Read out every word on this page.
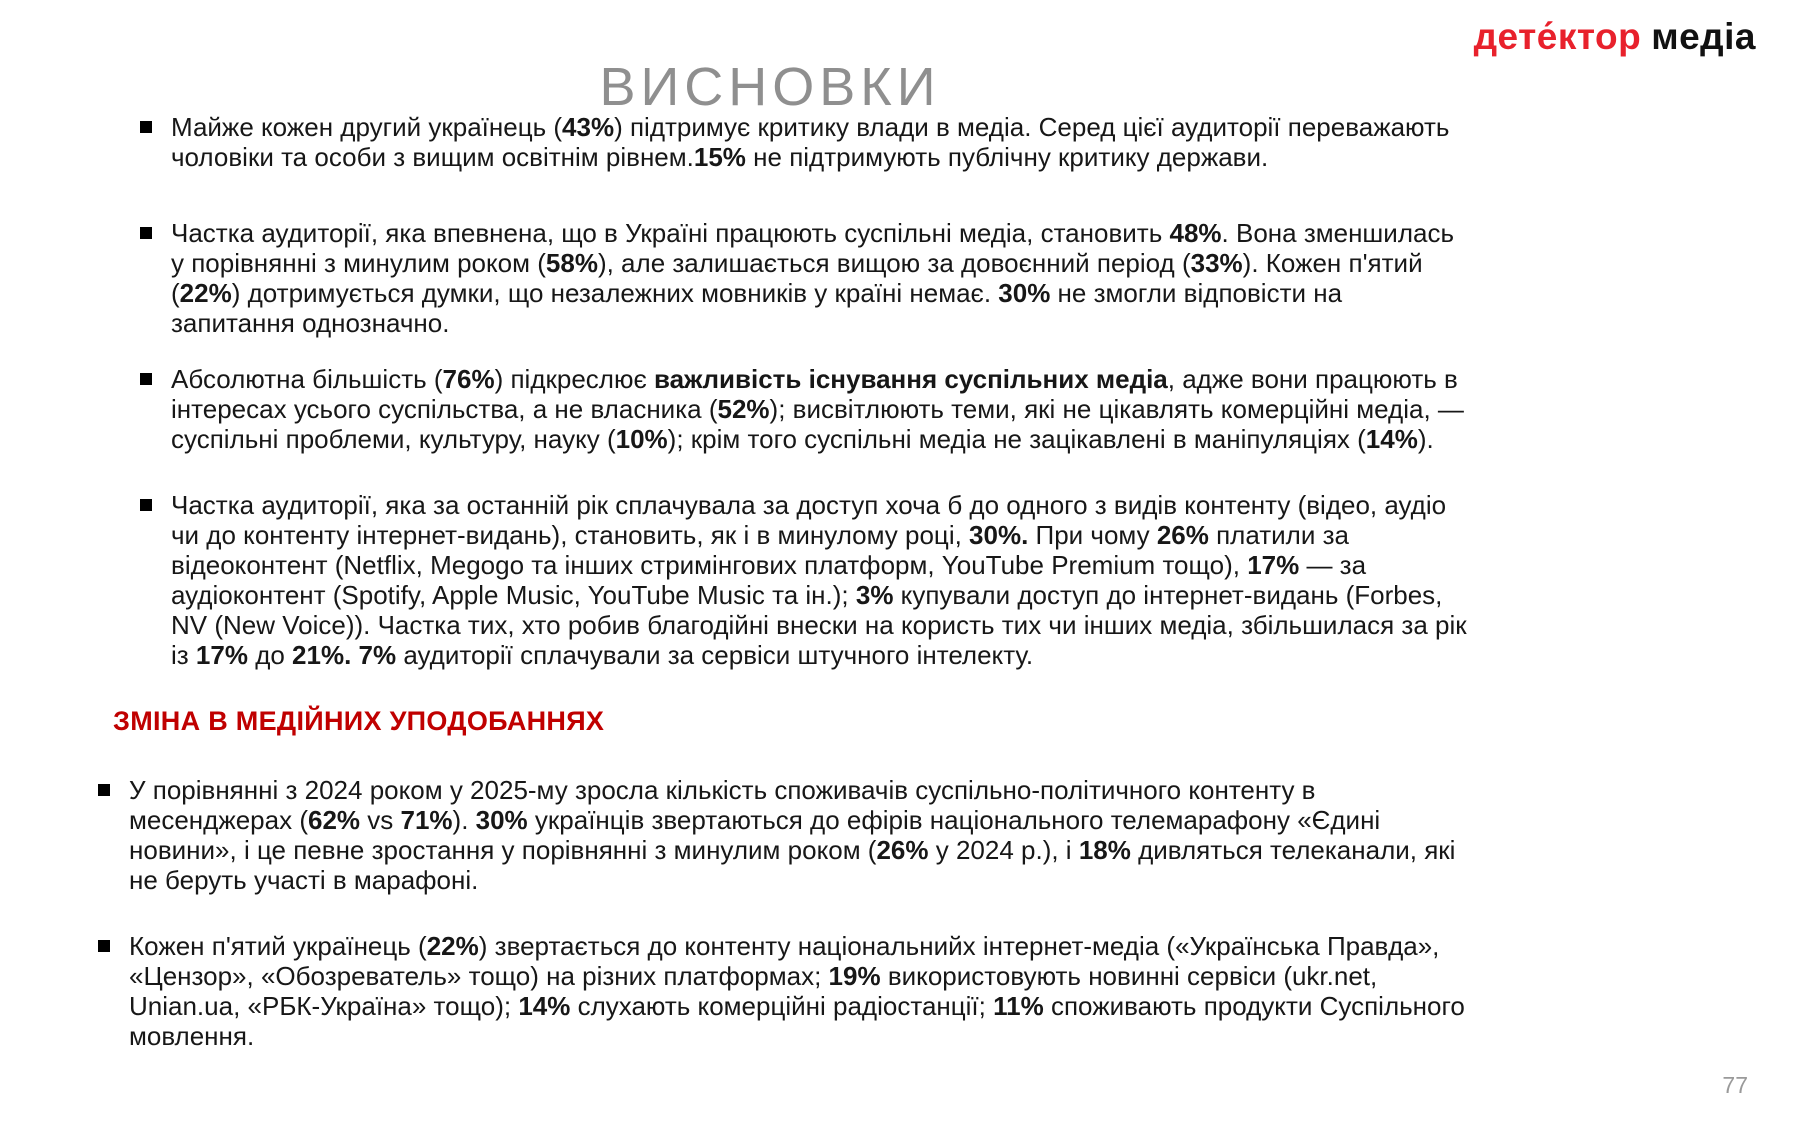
ВИСНОВКИ
дете́ктор медіа
Майже кожен другий українець (43%) підтримує критику влади в медіа. Серед цієї аудиторії переважають чоловіки та особи з вищим освітнім рівнем.15% не підтримують публічну критику держави.
Частка аудиторії, яка впевнена, що в Україні працюють суспільні медіа, становить 48%. Вона зменшилась у порівнянні з минулим роком (58%), але залишається вищою за довоєнний період (33%). Кожен п'ятий (22%) дотримується думки, що незалежних мовників у країні немає. 30% не змогли відповісти на запитання однозначно.
Абсолютна більшість (76%) підкреслює важливість існування суспільних медіа, адже вони працюють в інтересах усього суспільства, а не власника (52%); висвітлюють теми, які не цікавлять комерційні медіа, — суспільні проблеми, культуру, науку (10%); крім того суспільні медіа не зацікавлені в маніпуляціях (14%).
Частка аудиторії, яка за останній рік сплачувала за доступ хоча б до одного з видів контенту (відео, аудіо чи до контенту інтернет-видань), становить, як і в минулому році, 30%. При чому 26% платили за відеоконтент (Netflix, Megogo та інших стримінгових платформ, YouTube Premium тощо), 17% — за аудіоконтент (Spotify, Apple Music, YouTube Music та ін.); 3% купували доступ до інтернет-видань (Forbes, NV (New Voice)). Частка тих, хто робив благодійні внески на користь тих чи інших медіа, збільшилася за рік із 17% до 21%. 7% аудиторії сплачували за сервіси штучного інтелекту.
ЗМІНА В МЕДІЙНИХ УПОДОБАННЯХ
У порівнянні з 2024 роком у 2025-му зросла кількість споживачів суспільно-політичного контенту в месенджерах (62% vs 71%). 30% українців звертаються до ефірів національного телемарафону «Єдині новини», і це певне зростання у порівнянні з минулим роком (26% у 2024 р.), і 18% дивляться телеканали, які не беруть участі в марафоні.
Кожен п'ятий українець (22%) звертається до контенту національнийх інтернет-медіа («Українська Правда», «Цензор», «Обозреватель» тощо) на різних платформах; 19% використовують новинні сервіси (ukr.net, Unian.ua, «РБК-Україна» тощо); 14% слухають комерційні радіостанції; 11% споживають продукти Суспільного мовлення.
77
